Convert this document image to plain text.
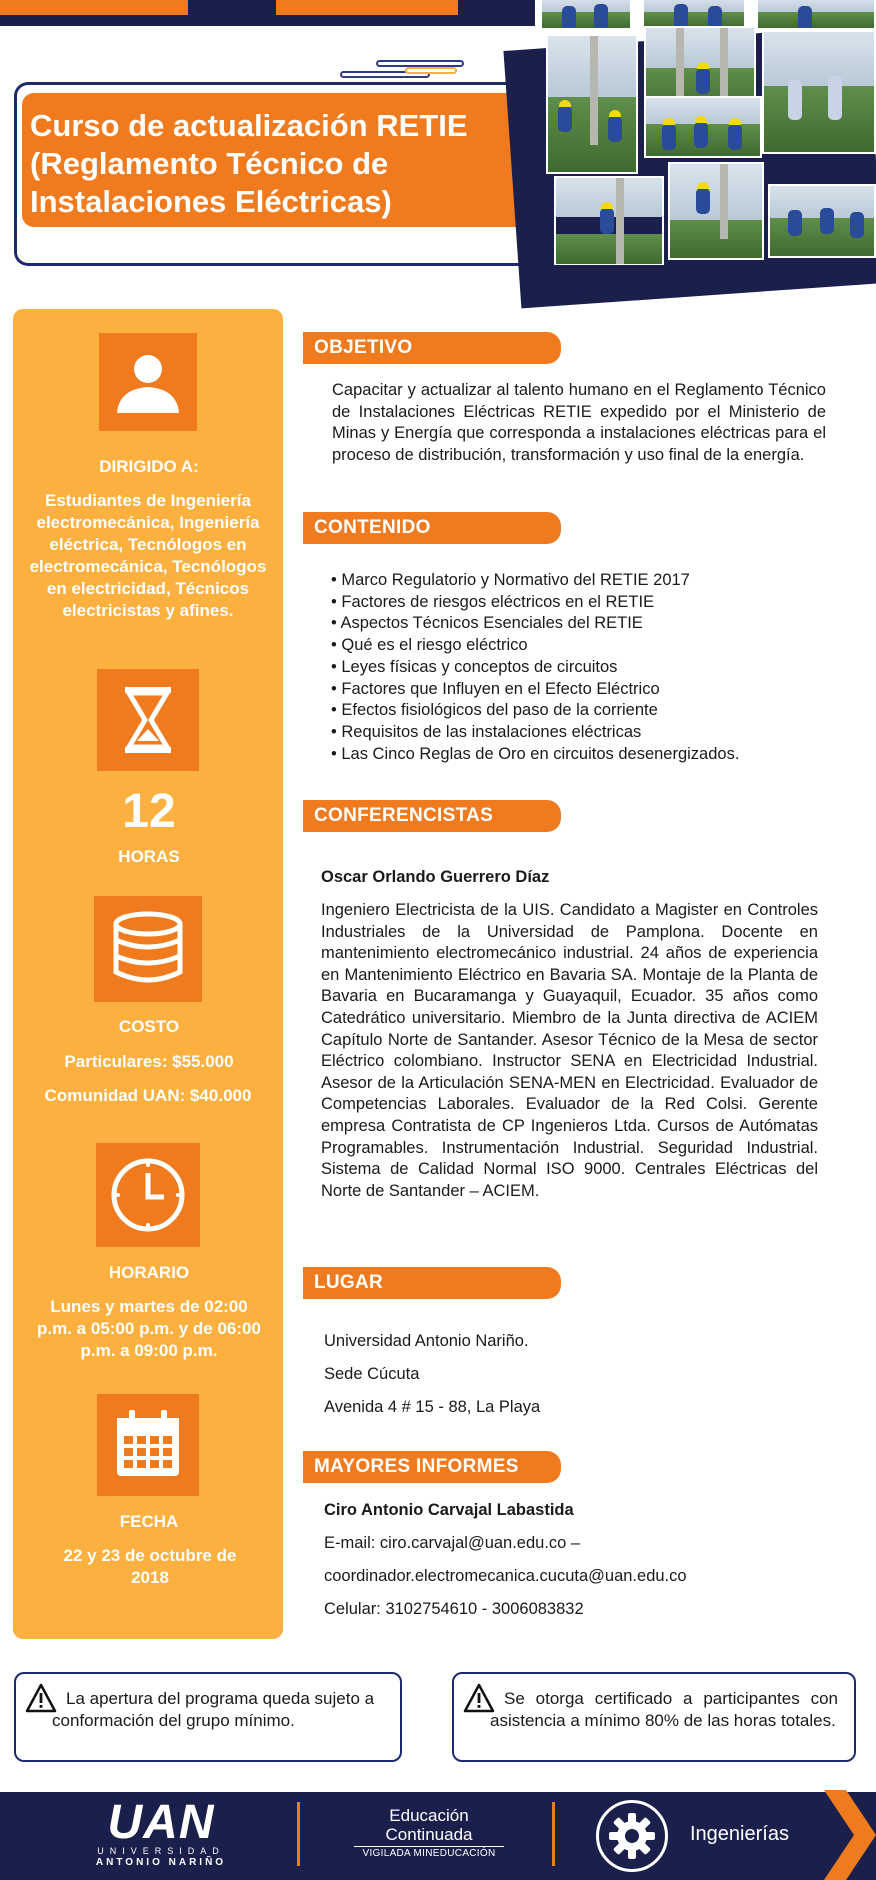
Curso de actualización RETIE (Reglamento Técnico de Instalaciones Eléctricas)
DIRIGIDO A:
Estudiantes de Ingeniería electromecánica, Ingeniería eléctrica, Tecnólogos en electromecánica, Tecnólogos en electricidad, Técnicos electricistas y afines.
12
HORAS
COSTO
Particulares: $55.000
Comunidad UAN: $40.000
HORARIO
Lunes y martes de 02:00 p.m. a 05:00 p.m. y de 06:00 p.m. a 09:00 p.m.
FECHA
22 y 23 de octubre de 2018
OBJETIVO
Capacitar y actualizar al talento humano en el Reglamento Técnico de Instalaciones Eléctricas RETIE expedido por el Ministerio de Minas y Energía que corresponda a instalaciones eléctricas para el proceso de distribución, transformación y uso final de la energía.
CONTENIDO
• Marco Regulatorio y Normativo del RETIE 2017
• Factores de riesgos eléctricos en el RETIE
• Aspectos Técnicos Esenciales del RETIE
• Qué es el riesgo eléctrico
• Leyes físicas y conceptos de circuitos
• Factores que Influyen en el Efecto Eléctrico
• Efectos fisiológicos del paso de la corriente
• Requisitos de las instalaciones eléctricas
• Las Cinco Reglas de Oro en circuitos desenergizados.
CONFERENCISTAS
Oscar Orlando Guerrero Díaz
Ingeniero Electricista de la UIS. Candidato a Magister en Controles Industriales de la Universidad de Pamplona. Docente en mantenimiento electromecánico industrial. 24 años de experiencia en Mantenimiento Eléctrico en Bavaria SA. Montaje de la Planta de Bavaria en Bucaramanga y Guayaquil, Ecuador. 35 años como Catedrático universitario. Miembro de la Junta directiva de ACIEM Capítulo Norte de Santander. Asesor Técnico de la Mesa de sector Eléctrico colombiano. Instructor SENA en Electricidad Industrial. Asesor de la Articulación SENA-MEN en Electricidad. Evaluador de Competencias Laborales. Evaluador de la Red Colsi. Gerente empresa Contratista de CP Ingenieros Ltda. Cursos de Autómatas Programables. Instrumentación Industrial. Seguridad Industrial. Sistema de Calidad Normal ISO 9000. Centrales Eléctricas del Norte de Santander – ACIEM.
LUGAR
Universidad Antonio Nariño.
Sede Cúcuta
Avenida 4 # 15 - 88, La Playa
MAYORES INFORMES
Ciro Antonio Carvajal Labastida
E-mail: ciro.carvajal@uan.edu.co –
coordinador.electromecanica.cucuta@uan.edu.co
Celular: 3102754610 - 3006083832
La apertura del programa queda sujeto a conformación del grupo mínimo.
Se otorga certificado a participantes con asistencia a mínimo 80% de las horas totales.
UAN
UNIVERSIDAD
ANTONIO NARIÑO
Educación
Continuada
VIGILADA MINEDUCACIÓN
Ingenierías
